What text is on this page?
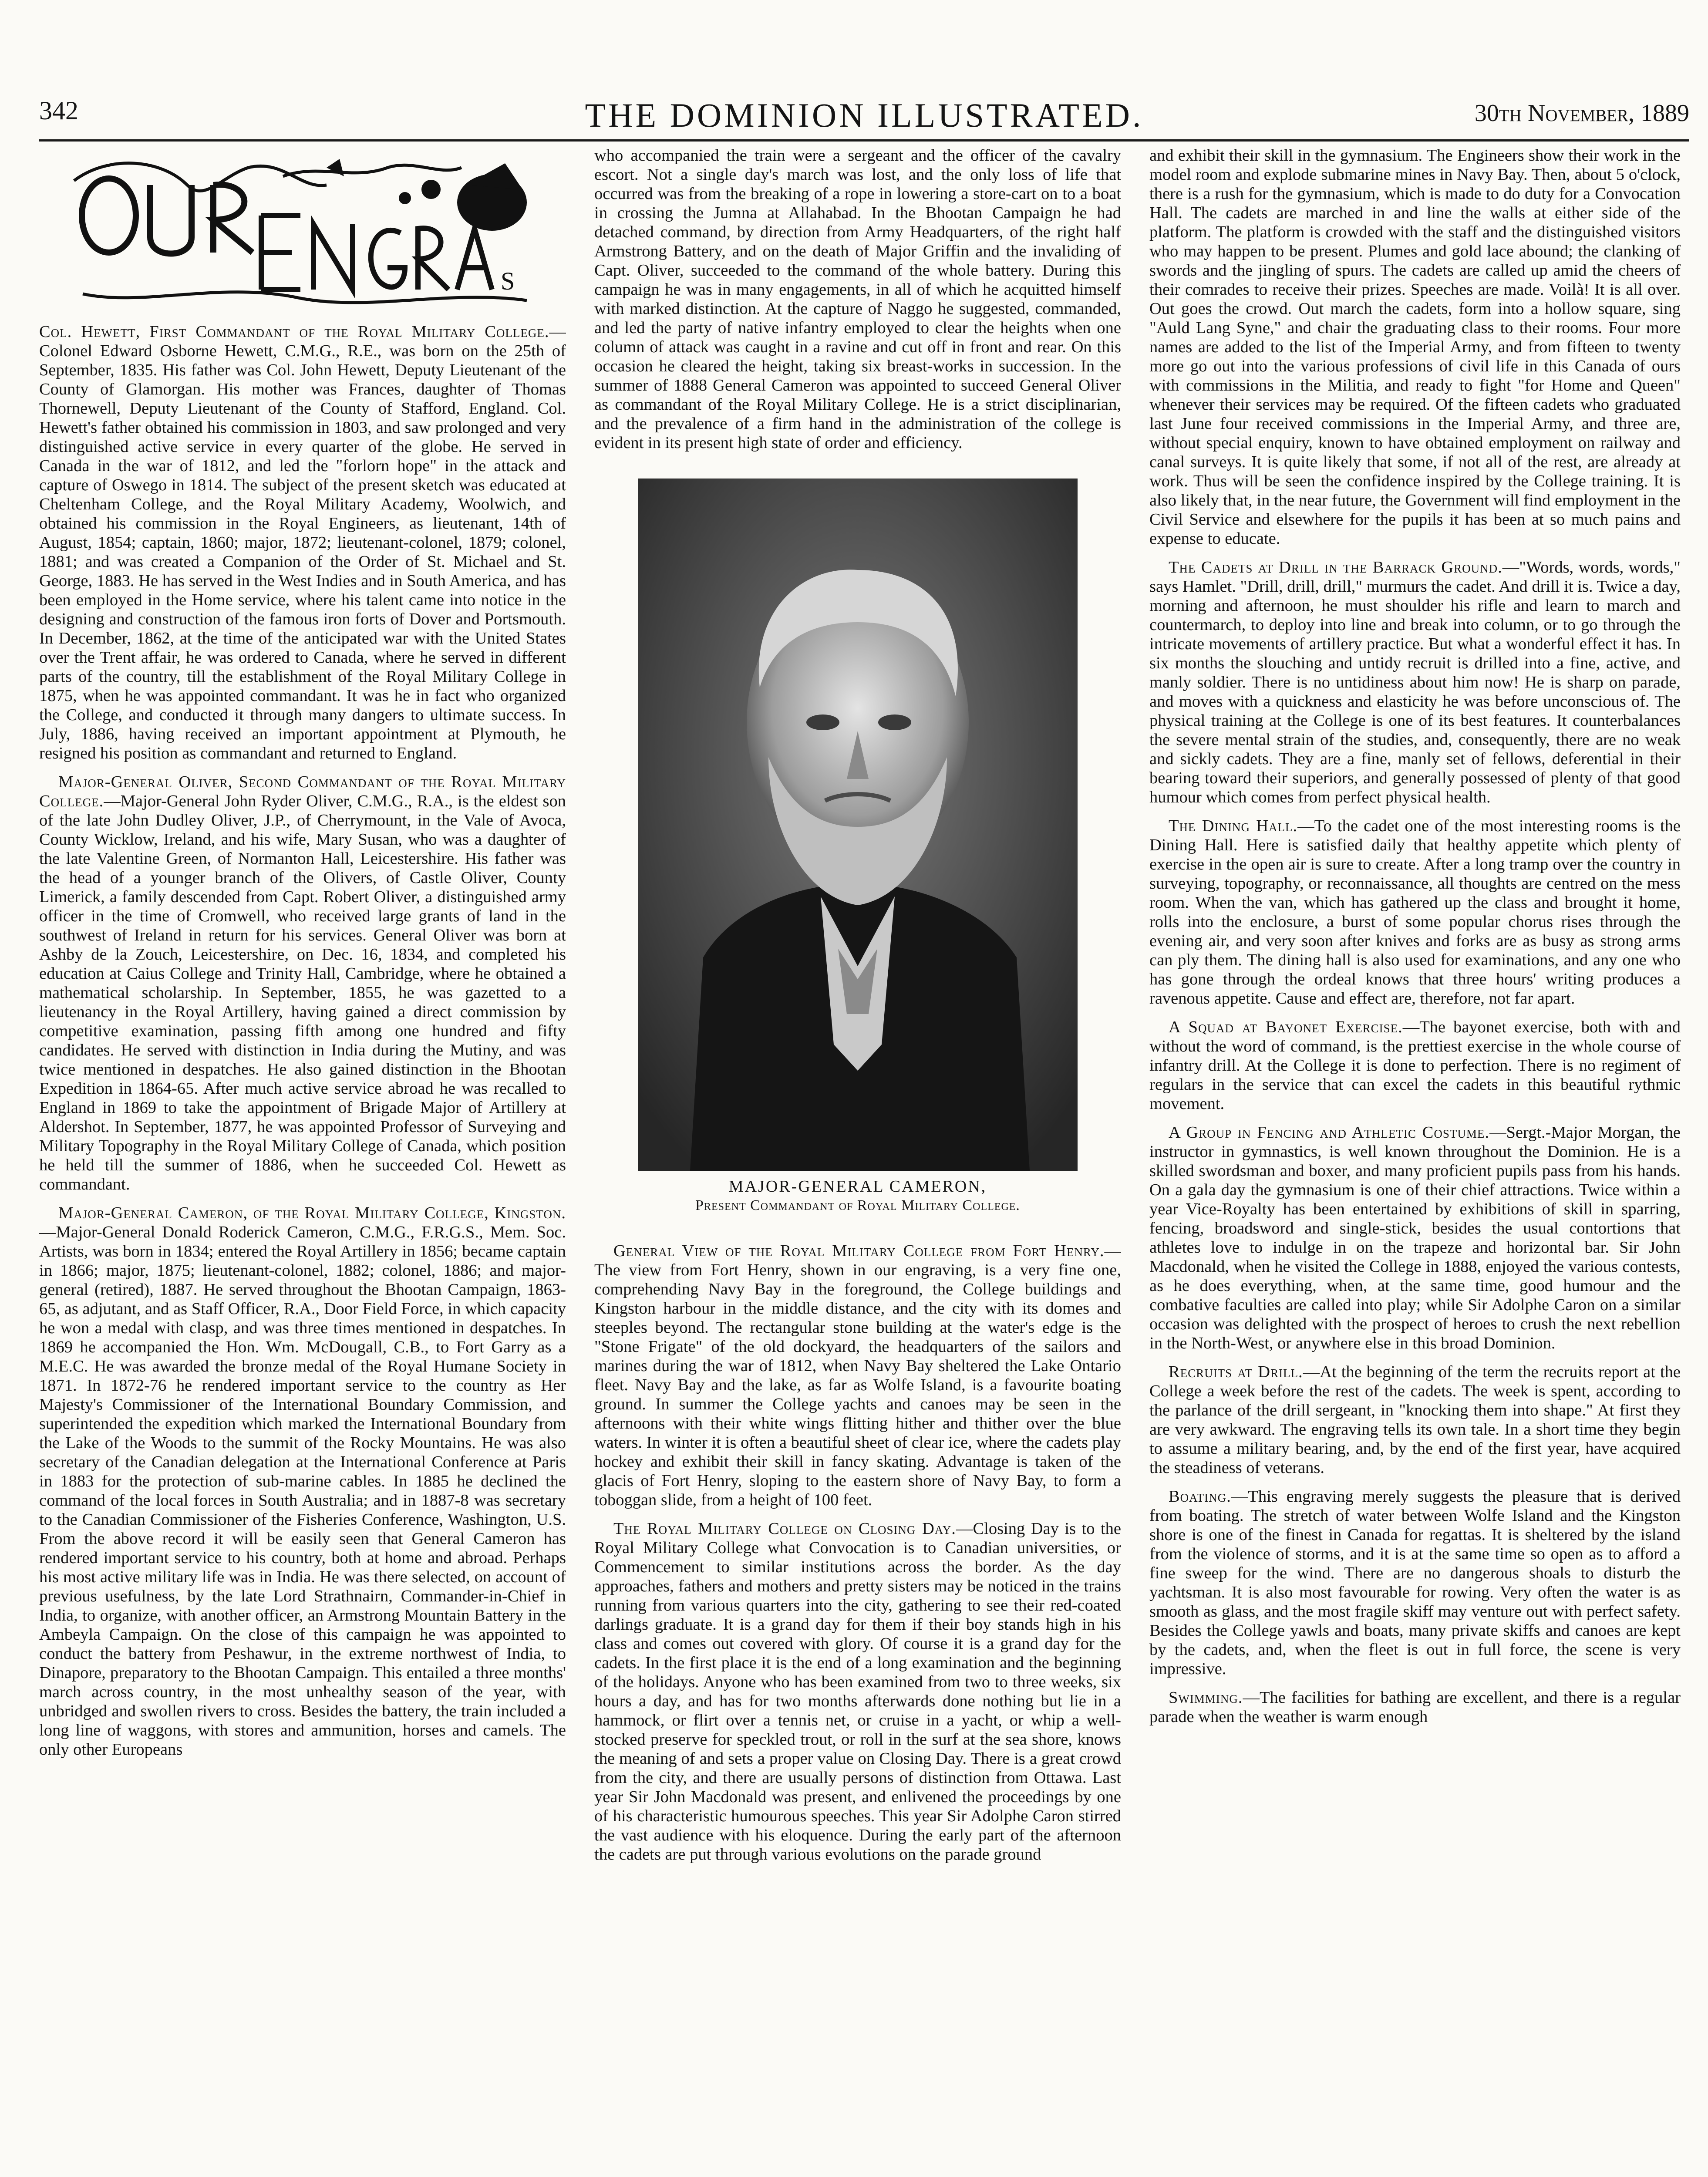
342	THE DOMINION ILLUSTRATED.	30th November, 1889
S

Col. Hewett, First Commandant of the Royal Military College.—Colonel Edward Osborne Hewett, C.M.G., R.E., was born on the 25th of September, 1835. His father was Col. John Hewett, Deputy Lieutenant of the County of Glamorgan. His mother was Frances, daughter of Thomas Thornewell, Deputy Lieutenant of the County of Stafford, England. Col. Hewett's father obtained his commission in 1803, and saw prolonged and very distinguished active service in every quarter of the globe. He served in Canada in the war of 1812, and led the "forlorn hope" in the attack and capture of Oswego in 1814. The subject of the present sketch was educated at Cheltenham College, and the Royal Military Academy, Woolwich, and obtained his commission in the Royal Engineers, as lieutenant, 14th of August, 1854; captain, 1860; major, 1872; lieutenant-colonel, 1879; colonel, 1881; and was created a Companion of the Order of St. Michael and St. George, 1883. He has served in the West Indies and in South America, and has been employed in the Home service, where his talent came into notice in the designing and construction of the famous iron forts of Dover and Portsmouth. In December, 1862, at the time of the anticipated war with the United States over the Trent affair, he was ordered to Canada, where he served in different parts of the country, till the establishment of the Royal Military College in 1875, when he was appointed commandant. It was he in fact who organized the College, and conducted it through many dangers to ultimate success. In July, 1886, having received an important appointment at Plymouth, he resigned his position as commandant and returned to England.

Major-General Oliver, Second Commandant of the Royal Military College.—Major-General John Ryder Oliver, C.M.G., R.A., is the eldest son of the late John Dudley Oliver, J.P., of Cherrymount, in the Vale of Avoca, County Wicklow, Ireland, and his wife, Mary Susan, who was a daughter of the late Valentine Green, of Normanton Hall, Leicestershire. His father was the head of a younger branch of the Olivers, of Castle Oliver, County Limerick, a family descended from Capt. Robert Oliver, a distinguished army officer in the time of Cromwell, who received large grants of land in the southwest of Ireland in return for his services. General Oliver was born at Ashby de la Zouch, Leicestershire, on Dec. 16, 1834, and completed his education at Caius College and Trinity Hall, Cambridge, where he obtained a mathematical scholarship. In September, 1855, he was gazetted to a lieutenancy in the Royal Artillery, having gained a direct commission by competitive examination, passing fifth among one hundred and fifty candidates. He served with distinction in India during the Mutiny, and was twice mentioned in despatches. He also gained distinction in the Bhootan Expedition in 1864-65. After much active service abroad he was recalled to England in 1869 to take the appointment of Brigade Major of Artillery at Aldershot. In September, 1877, he was appointed Professor of Surveying and Military Topography in the Royal Military College of Canada, which position he held till the summer of 1886, when he succeeded Col. Hewett as commandant.

Major-General Cameron, of the Royal Military College, Kingston.—Major-General Donald Roderick Cameron, C.M.G., F.R.G.S., Mem. Soc. Artists, was born in 1834; entered the Royal Artillery in 1856; became captain in 1866; major, 1875; lieutenant-colonel, 1882; colonel, 1886; and major-general (retired), 1887. He served throughout the Bhootan Campaign, 1863-65, as adjutant, and as Staff Officer, R.A., Door Field Force, in which capacity he won a medal with clasp, and was three times mentioned in despatches. In 1869 he accompanied the Hon. Wm. McDougall, C.B., to Fort Garry as a M.E.C. He was awarded the bronze medal of the Royal Humane Society in 1871. In 1872-76 he rendered important service to the country as Her Majesty's Commissioner of the International Boundary Commission, and superintended the expedition which marked the International Boundary from the Lake of the Woods to the summit of the Rocky Mountains. He was also secretary of the Canadian delegation at the International Conference at Paris in 1883 for the protection of sub-marine cables. In 1885 he declined the command of the local forces in South Australia; and in 1887-8 was secretary to the Canadian Commissioner of the Fisheries Conference, Washington, U.S. From the above record it will be easily seen that General Cameron has rendered important service to his country, both at home and abroad. Perhaps his most active military life was in India. He was there selected, on account of previous usefulness, by the late Lord Strathnairn, Commander-in-Chief in India, to organize, with another officer, an Armstrong Mountain Battery in the Ambeyla Campaign. On the close of this campaign he was appointed to conduct the battery from Peshawur, in the extreme northwest of India, to Dinapore, preparatory to the Bhootan Campaign. This entailed a three months' march across country, in the most unhealthy season of the year, with unbridged and swollen rivers to cross. Besides the battery, the train included a long line of waggons, with stores and ammunition, horses and camels. The only other Europeans

who accompanied the train were a sergeant and the officer of the cavalry escort. Not a single day's march was lost, and the only loss of life that occurred was from the breaking of a rope in lowering a store-cart on to a boat in crossing the Jumna at Allahabad. In the Bhootan Campaign he had detached command, by direction from Army Headquarters, of the right half Armstrong Battery, and on the death of Major Griffin and the invaliding of Capt. Oliver, succeeded to the command of the whole battery. During this campaign he was in many engagements, in all of which he acquitted himself with marked distinction. At the capture of Naggo he suggested, commanded, and led the party of native infantry employed to clear the heights when one column of attack was caught in a ravine and cut off in front and rear. On this occasion he cleared the height, taking six breast-works in succession. In the summer of 1888 General Cameron was appointed to succeed General Oliver as commandant of the Royal Military College. He is a strict disciplinarian, and the prevalence of a firm hand in the administration of the college is evident in its present high state of order and efficiency.

MAJOR-GENERAL CAMERON,
Present Commandant of Royal Military College.

General View of the Royal Military College from Fort Henry.—The view from Fort Henry, shown in our engraving, is a very fine one, comprehending Navy Bay in the foreground, the College buildings and Kingston harbour in the middle distance, and the city with its domes and steeples beyond. The rectangular stone building at the water's edge is the "Stone Frigate" of the old dockyard, the headquarters of the sailors and marines during the war of 1812, when Navy Bay sheltered the Lake Ontario fleet. Navy Bay and the lake, as far as Wolfe Island, is a favourite boating ground. In summer the College yachts and canoes may be seen in the afternoons with their white wings flitting hither and thither over the blue waters. In winter it is often a beautiful sheet of clear ice, where the cadets play hockey and exhibit their skill in fancy skating. Advantage is taken of the glacis of Fort Henry, sloping to the eastern shore of Navy Bay, to form a toboggan slide, from a height of 100 feet.

The Royal Military College on Closing Day.—Closing Day is to the Royal Military College what Convocation is to Canadian universities, or Commencement to similar institutions across the border. As the day approaches, fathers and mothers and pretty sisters may be noticed in the trains running from various quarters into the city, gathering to see their red-coated darlings graduate. It is a grand day for them if their boy stands high in his class and comes out covered with glory. Of course it is a grand day for the cadets. In the first place it is the end of a long examination and the beginning of the holidays. Anyone who has been examined from two to three weeks, six hours a day, and has for two months afterwards done nothing but lie in a hammock, or flirt over a tennis net, or cruise in a yacht, or whip a well-stocked preserve for speckled trout, or roll in the surf at the sea shore, knows the meaning of and sets a proper value on Closing Day. There is a great crowd from the city, and there are usually persons of distinction from Ottawa. Last year Sir John Macdonald was present, and enlivened the proceedings by one of his characteristic humourous speeches. This year Sir Adolphe Caron stirred the vast audience with his eloquence. During the early part of the afternoon the cadets are put through various evolutions on the parade ground

and exhibit their skill in the gymnasium. The Engineers show their work in the model room and explode submarine mines in Navy Bay. Then, about 5 o'clock, there is a rush for the gymnasium, which is made to do duty for a Convocation Hall. The cadets are marched in and line the walls at either side of the platform. The platform is crowded with the staff and the distinguished visitors who may happen to be present. Plumes and gold lace abound; the clanking of swords and the jingling of spurs. The cadets are called up amid the cheers of their comrades to receive their prizes. Speeches are made. Voilà! It is all over. Out goes the crowd. Out march the cadets, form into a hollow square, sing "Auld Lang Syne," and chair the graduating class to their rooms. Four more names are added to the list of the Imperial Army, and from fifteen to twenty more go out into the various professions of civil life in this Canada of ours with commissions in the Militia, and ready to fight "for Home and Queen" whenever their services may be required. Of the fifteen cadets who graduated last June four received commissions in the Imperial Army, and three are, without special enquiry, known to have obtained employment on railway and canal surveys. It is quite likely that some, if not all of the rest, are already at work. Thus will be seen the confidence inspired by the College training. It is also likely that, in the near future, the Government will find employment in the Civil Service and elsewhere for the pupils it has been at so much pains and expense to educate.

The Cadets at Drill in the Barrack Ground.—"Words, words, words," says Hamlet. "Drill, drill, drill," murmurs the cadet. And drill it is. Twice a day, morning and afternoon, he must shoulder his rifle and learn to march and countermarch, to deploy into line and break into column, or to go through the intricate movements of artillery practice. But what a wonderful effect it has. In six months the slouching and untidy recruit is drilled into a fine, active, and manly soldier. There is no untidiness about him now! He is sharp on parade, and moves with a quickness and elasticity he was before unconscious of. The physical training at the College is one of its best features. It counterbalances the severe mental strain of the studies, and, consequently, there are no weak and sickly cadets. They are a fine, manly set of fellows, deferential in their bearing toward their superiors, and generally possessed of plenty of that good humour which comes from perfect physical health.

The Dining Hall.—To the cadet one of the most interesting rooms is the Dining Hall. Here is satisfied daily that healthy appetite which plenty of exercise in the open air is sure to create. After a long tramp over the country in surveying, topography, or reconnaissance, all thoughts are centred on the mess room. When the van, which has gathered up the class and brought it home, rolls into the enclosure, a burst of some popular chorus rises through the evening air, and very soon after knives and forks are as busy as strong arms can ply them. The dining hall is also used for examinations, and any one who has gone through the ordeal knows that three hours' writing produces a ravenous appetite. Cause and effect are, therefore, not far apart.

A Squad at Bayonet Exercise.—The bayonet exercise, both with and without the word of command, is the prettiest exercise in the whole course of infantry drill. At the College it is done to perfection. There is no regiment of regulars in the service that can excel the cadets in this beautiful rythmic movement.

A Group in Fencing and Athletic Costume.—Sergt.-Major Morgan, the instructor in gymnastics, is well known throughout the Dominion. He is a skilled swordsman and boxer, and many proficient pupils pass from his hands. On a gala day the gymnasium is one of their chief attractions. Twice within a year Vice-Royalty has been entertained by exhibitions of skill in sparring, fencing, broadsword and single-stick, besides the usual contortions that athletes love to indulge in on the trapeze and horizontal bar. Sir John Macdonald, when he visited the College in 1888, enjoyed the various contests, as he does everything, when, at the same time, good humour and the combative faculties are called into play; while Sir Adolphe Caron on a similar occasion was delighted with the prospect of heroes to crush the next rebellion in the North-West, or anywhere else in this broad Dominion.

Recruits at Drill.—At the beginning of the term the recruits report at the College a week before the rest of the cadets. The week is spent, according to the parlance of the drill sergeant, in "knocking them into shape." At first they are very awkward. The engraving tells its own tale. In a short time they begin to assume a military bearing, and, by the end of the first year, have acquired the steadiness of veterans.

Boating.—This engraving merely suggests the pleasure that is derived from boating. The stretch of water between Wolfe Island and the Kingston shore is one of the finest in Canada for regattas. It is sheltered by the island from the violence of storms, and it is at the same time so open as to afford a fine sweep for the wind. There are no dangerous shoals to disturb the yachtsman. It is also most favourable for rowing. Very often the water is as smooth as glass, and the most fragile skiff may venture out with perfect safety. Besides the College yawls and boats, many private skiffs and canoes are kept by the cadets, and, when the fleet is out in full force, the scene is very impressive.

Swimming.—The facilities for bathing are excellent, and there is a regular parade when the weather is warm enough
